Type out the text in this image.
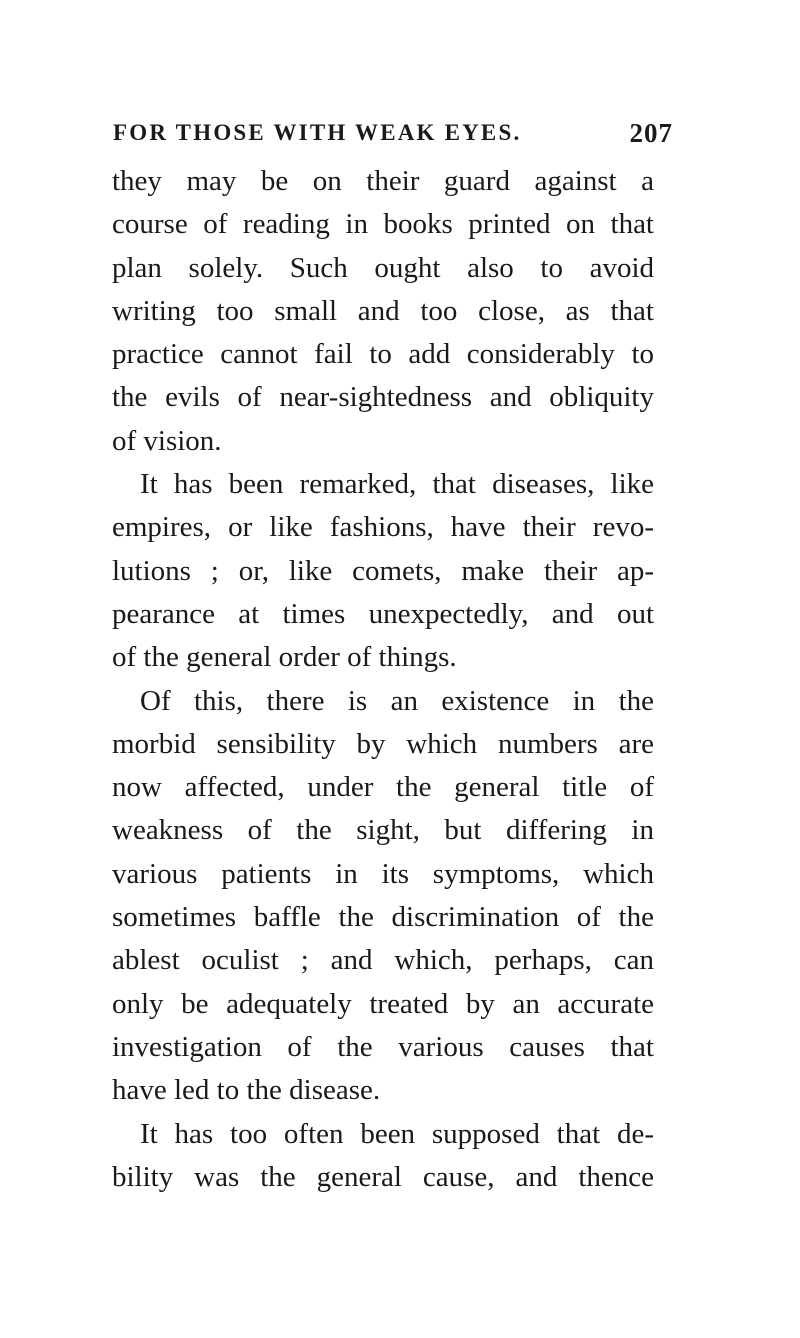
FOR THOSE WITH WEAK EYES.	207
they may be on their guard against a
course of reading in books printed on that
plan solely. Such ought also to avoid
writing too small and too close, as that
practice cannot fail to add considerably to
the evils of near-sightedness and obliquity
of vision.
It has been remarked, that diseases, like
empires, or like fashions, have their revo-
lutions ; or, like comets, make their ap-
pearance at times unexpectedly, and out
of the general order of things.
Of this, there is an existence in the
morbid sensibility by which numbers are
now affected, under the general title of
weakness of the sight, but differing in
various patients in its symptoms, which
sometimes baffle the discrimination of the
ablest oculist ; and which, perhaps, can
only be adequately treated by an accurate
investigation of the various causes that
have led to the disease.
It has too often been supposed that de-
bility was the general cause, and thence
